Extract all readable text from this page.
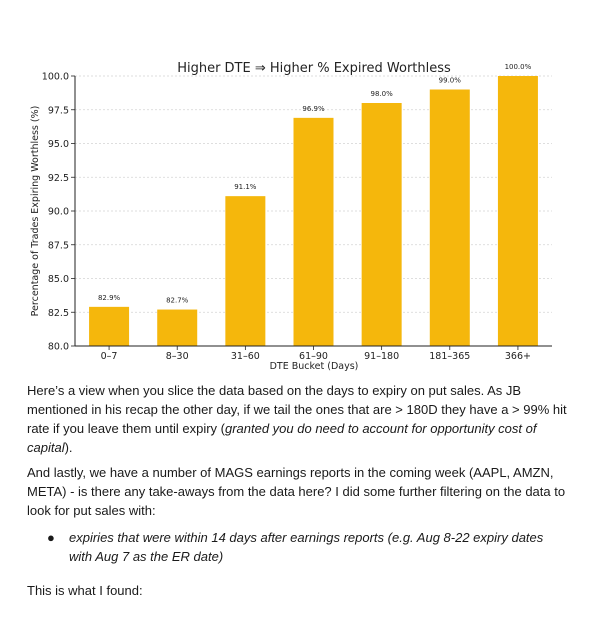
82.9%	82.7%
91.1%
96.9%
98.0%
99.0%
100.0%
80.0
82.5
85.0
87.5
90.0
92.5
95.0
97.5
100.0
0–7	8–30	31–60	61–90	91–180	181–365	366+
Higher DTE ⇒ Higher % Expired Worthless
DTE Bucket (Days)
Percentage of Trades Expiring Worthless (%)

Here’s a view when you slice the data based on the days to expiry on put sales. As JB mentioned in his recap the other day, if we tail the ones that are > 180D they have a > 99% hit rate if you leave them until expiry (granted you do need to account for opportunity cost of capital).

And lastly, we have a number of MAGS earnings reports in the coming week (AAPL, AMZN, META) - is there any take-aways from the data here? I did some further filtering on the data to look for put sales with:

● expiries that were within 14 days after earnings reports (e.g. Aug 8-22 expiry dates with Aug 7 as the ER date)

This is what I found:
